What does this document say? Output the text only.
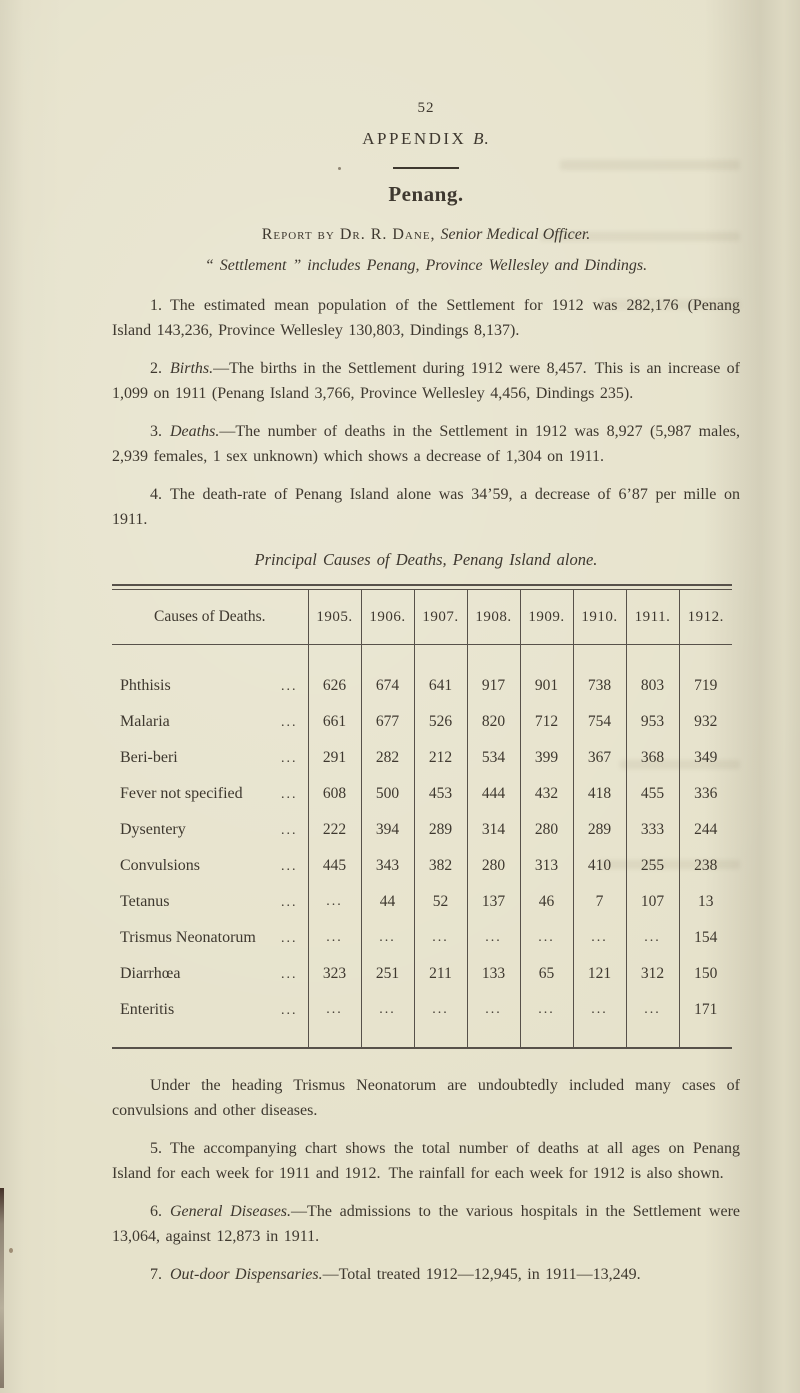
52
APPENDIX B.
Penang.
Report by Dr. R. Dane, Senior Medical Officer.
“ Settlement ” includes Penang, Province Wellesley and Dindings.

1. The estimated mean population of the Settlement for 1912 was 282,176 (Penang Island 143,236, Province Wellesley 130,803, Dindings 8,137).

2. Births.—The births in the Settlement during 1912 were 8,457. This is an increase of 1,099 on 1911 (Penang Island 3,766, Province Wellesley 4,456, Dindings 235).

3. Deaths.—The number of deaths in the Settlement in 1912 was 8,927 (5,987 males, 2,939 females, 1 sex unknown) which shows a decrease of 1,304 on 1911.

4. The death-rate of Penang Island alone was 34’59, a decrease of 6’87 per mille on 1911.

Principal Causes of Deaths, Penang Island alone.
Causes of Deaths.	1905.	1906.	1907.	1908.	1909.	1910.	1911.	1912.

Phthisis ...	626	674	641	917	901	738	803	719

Malaria ...	661	677	526	820	712	754	953	932

Beri-beri ...	291	282	212	534	399	367	368	349

Fever not specified ...	608	500	453	444	432	418	455	336

Dysentery ...	222	394	289	314	280	289	333	244

Convulsions ...	445	343	382	280	313	410	255	238

Tetanus ...	...	44	52	137	46	7	107	13

Trismus Neonatorum ...	...	...	...	...	...	...	...	154

Diarrhœa ...	323	251	211	133	65	121	312	150

Enteritis ...	...	...	...	...	...	...	...	171

Under the heading Trismus Neonatorum are undoubtedly included many cases of convulsions and other diseases.

5. The accompanying chart shows the total number of deaths at all ages on Penang Island for each week for 1911 and 1912. The rainfall for each week for 1912 is also shown.

6. General Diseases.—The admissions to the various hospitals in the Settlement were 13,064, against 12,873 in 1911.

7. Out-door Dispensaries.—Total treated 1912—12,945, in 1911—13,249.
